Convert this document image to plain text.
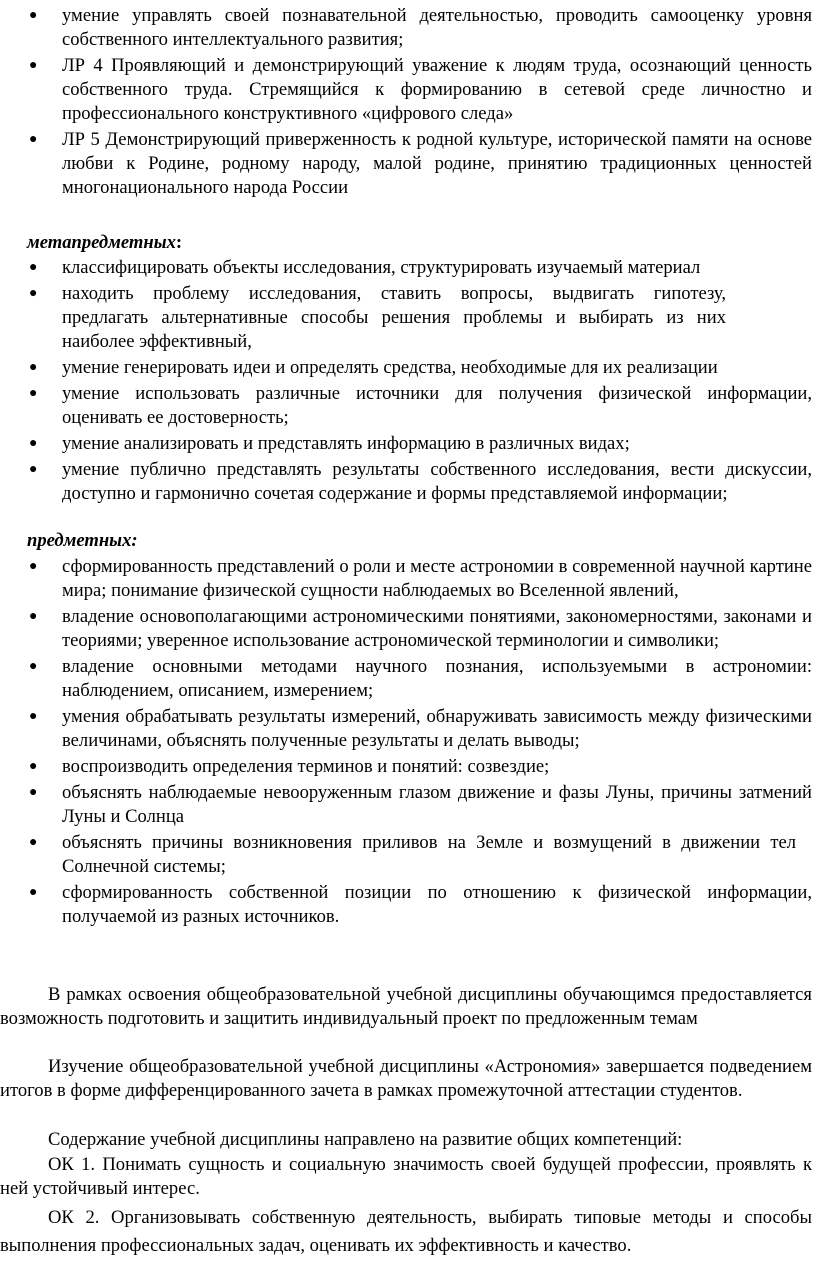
● умение управлять своей познавательной деятельностью, проводить самооценку уровня собственного интеллектуального развития;
● ЛР 4 Проявляющий и демонстрирующий уважение к людям труда, осознающий ценность собственного труда. Стремящийся к формированию в сетевой среде личностно и профессионального конструктивного «цифрового следа»
● ЛР 5 Демонстрирующий приверженность к родной культуре, исторической памяти на основе любви к Родине, родному народу, малой родине, принятию традиционных ценностей многонационального народа России
метапредметных:
● классифицировать объекты исследования, структурировать изучаемый материал
● находить проблему исследования, ставить вопросы, выдвигать гипотезу, предлагать альтернативные способы решения проблемы и выбирать из них наиболее эффективный,
● умение генерировать идеи и определять средства, необходимые для их реализации
● умение использовать различные источники для получения физической информации, оценивать ее достоверность;
● умение анализировать и представлять информацию в различных видах;
● умение публично представлять результаты собственного исследования, вести дискуссии, доступно и гармонично сочетая содержание и формы представляемой информации;
предметных:
● сформированность представлений о роли и месте астрономии в современной научной картине мира; понимание физической сущности наблюдаемых во Вселенной явлений,
● владение основополагающими астрономическими понятиями, закономерностями, законами и теориями; уверенное использование астрономической терминологии и символики;
● владение основными методами научного познания, используемыми в астрономии: наблюдением, описанием, измерением;
● умения обрабатывать результаты измерений, обнаруживать зависимость между физическими величинами, объяснять полученные результаты и делать выводы;
● воспроизводить определения терминов и понятий: созвездие;
● объяснять наблюдаемые невооруженным глазом движение и фазы Луны, причины затмений Луны и Солнца
● объяснять причины возникновения приливов на Земле и возмущений в движении тел Солнечной системы;
● сформированность собственной позиции по отношению к физической информации, получаемой из разных источников.
В рамках освоения общеобразовательной учебной дисциплины обучающимся предоставляется возможность подготовить и защитить индивидуальный проект по предложенным темам
Изучение общеобразовательной учебной дисциплины «Астрономия» завершается подведением итогов в форме дифференцированного зачета в рамках промежуточной аттестации студентов.
Содержание учебной дисциплины направлено на развитие общих компетенций:
ОК 1. Понимать сущность и социальную значимость своей будущей профессии, проявлять к ней устойчивый интерес.
ОК 2. Организовывать собственную деятельность, выбирать типовые методы и способы выполнения профессиональных задач, оценивать их эффективность и качество.
